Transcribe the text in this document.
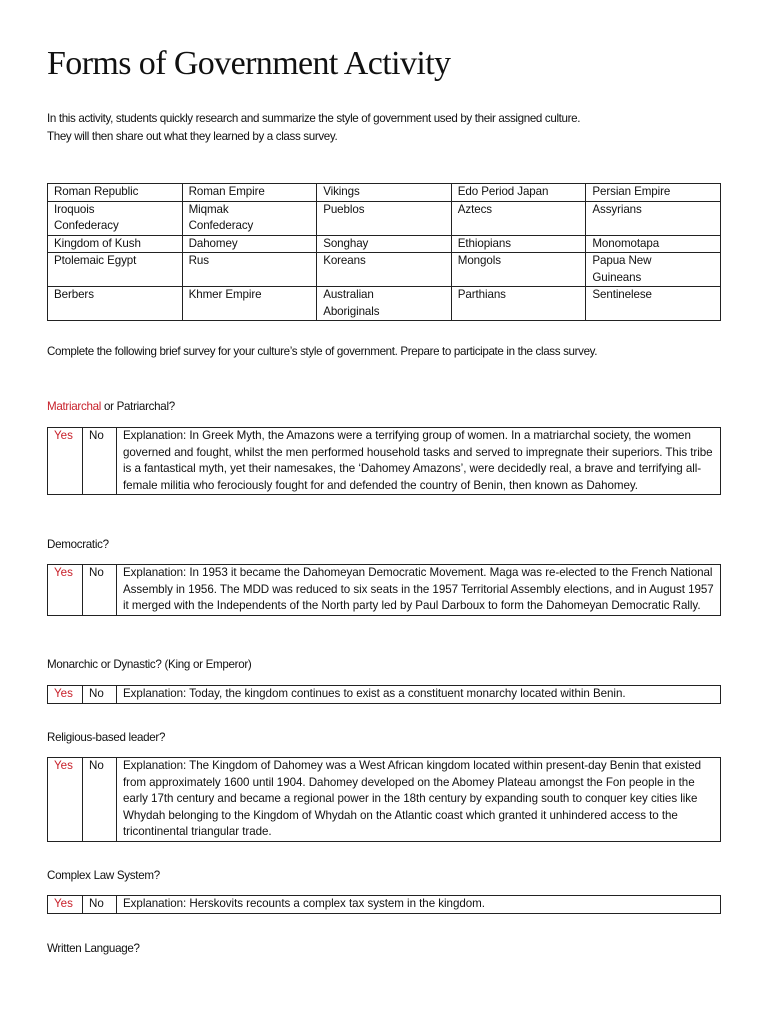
Forms of Government Activity

In this activity, students quickly research and summarize the style of government used by their assigned culture.

They will then share out what they learned by a class survey.

Roman Republic	Roman Empire	Vikings	Edo Period Japan	Persian Empire

Iroquois Confederacy	Miqmak Confederacy	Pueblos	Aztecs	Assyrians

Kingdom of Kush	Dahomey	Songhay	Ethiopians	Monomotapa

Ptolemaic Egypt	Rus	Koreans	Mongols	Papua New Guineans

Berbers	Khmer Empire	Australian Aboriginals	Parthians	Sentinelese

Complete the following brief survey for your culture’s style of government. Prepare to participate in the class survey.

Matriarchal or Patriarchal?

Yes	No	Explanation: In Greek Myth, the Amazons were a terrifying group of women. In a matriarchal society, the women governed and fought, whilst the men performed household tasks and served to impregnate their superiors. This tribe is a fantastical myth, yet their namesakes, the ‘Dahomey Amazons’, were decidedly real, a brave and terrifying all-female militia who ferociously fought for and defended the country of Benin, then known as Dahomey.

Democratic?

Yes	No	Explanation: In 1953 it became the Dahomeyan Democratic Movement. Maga was re-elected to the French National Assembly in 1956. The MDD was reduced to six seats in the 1957 Territorial Assembly elections, and in August 1957 it merged with the Independents of the North party led by Paul Darboux to form the Dahomeyan Democratic Rally.

Monarchic or Dynastic? (King or Emperor)

Yes	No	Explanation: Today, the kingdom continues to exist as a constituent monarchy located within Benin.

Religious-based leader?

Yes	No	Explanation: The Kingdom of Dahomey was a West African kingdom located within present-day Benin that existed from approximately 1600 until 1904. Dahomey developed on the Abomey Plateau amongst the Fon people in the early 17th century and became a regional power in the 18th century by expanding south to conquer key cities like Whydah belonging to the Kingdom of Whydah on the Atlantic coast which granted it unhindered access to the tricontinental triangular trade.

Complex Law System?

Yes	No	Explanation: Herskovits recounts a complex tax system in the kingdom.

Written Language?
